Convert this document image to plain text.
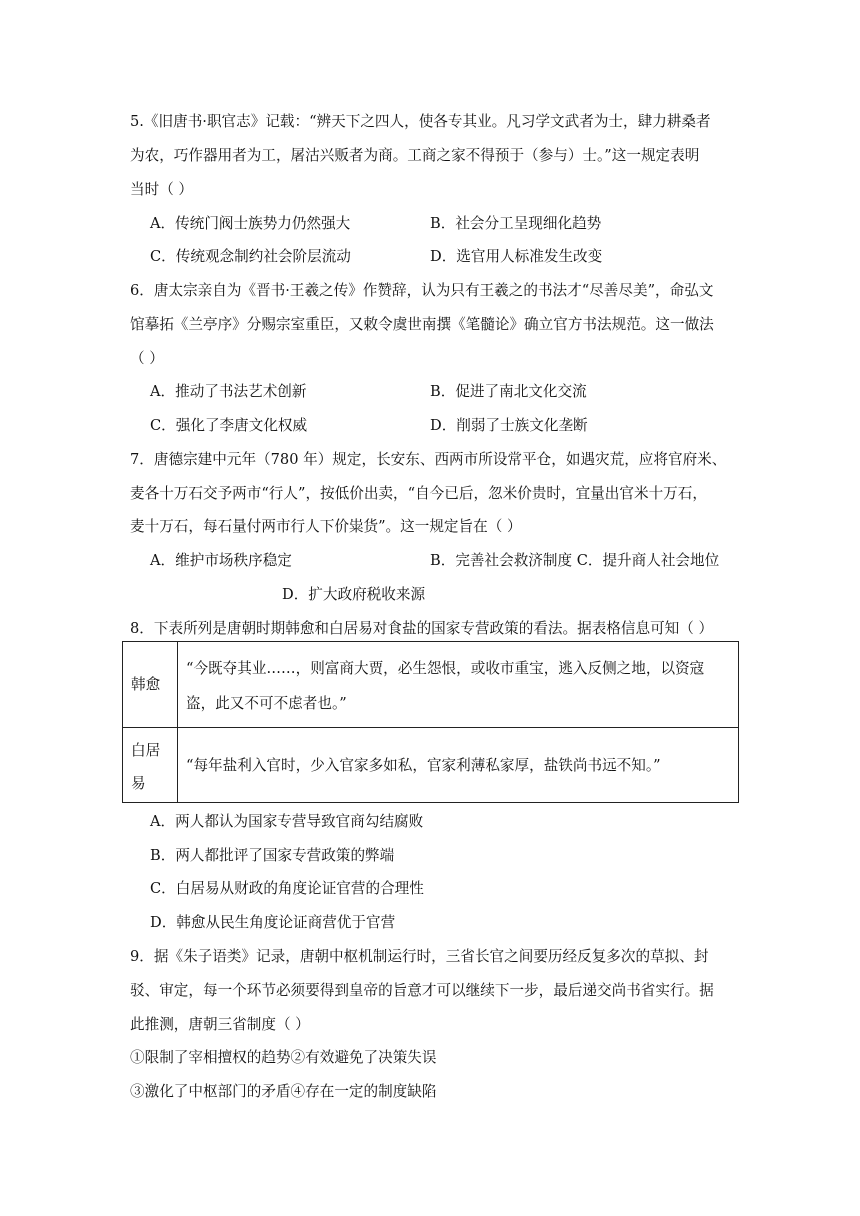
5.《旧唐书·职官志》记载：“辨天下之四人，使各专其业。凡习学文武者为士，肆力耕桑者
为农，巧作器用者为工，屠沽兴贩者为商。工商之家不得预于（参与）士。”这一规定表明
当时（ ）
A．传统门阀士族势力仍然强大	B．社会分工呈现细化趋势
C．传统观念制约社会阶层流动	D．选官用人标准发生改变
6．唐太宗亲自为《晋书·王羲之传》作赞辞，认为只有王羲之的书法才“尽善尽美”，命弘文
馆摹拓《兰亭序》分赐宗室重臣，又敕令虞世南撰《笔髓论》确立官方书法规范。这一做法
（ ）
A．推动了书法艺术创新	B．促进了南北文化交流
C．强化了李唐文化权威	D．削弱了士族文化垄断
7．唐德宗建中元年（780 年）规定，长安东、西两市所设常平仓，如遇灾荒，应将官府米、
麦各十万石交予两市“行人”，按低价出卖，“自今已后，忽米价贵时，宜量出官米十万石，
麦十万石，每石量付两市行人下价粜货”。这一规定旨在（ ）
A．维护市场秩序稳定	B．完善社会救济制度 C．提升商人社会地位
D．扩大政府税收来源
8．下表所列是唐朝时期韩愈和白居易对食盐的国家专营政策的看法。据表格信息可知（ ）
韩愈
“今既夺其业……，则富商大贾，必生怨恨，或收市重宝，逃入反侧之地，以资寇
盗，此又不可不虑者也。”
白居
易
“每年盐利入官时，少入官家多如私，官家利薄私家厚，盐铁尚书远不知。”
A．两人都认为国家专营导致官商勾结腐败
B．两人都批评了国家专营政策的弊端
C．白居易从财政的角度论证官营的合理性
D．韩愈从民生角度论证商营优于官营
9．据《朱子语类》记录，唐朝中枢机制运行时，三省长官之间要历经反复多次的草拟、封
驳、审定，每一个环节必须要得到皇帝的旨意才可以继续下一步，最后递交尚书省实行。据
此推测，唐朝三省制度（ ）
①限制了宰相擅权的趋势②有效避免了决策失误
③激化了中枢部门的矛盾④存在一定的制度缺陷
